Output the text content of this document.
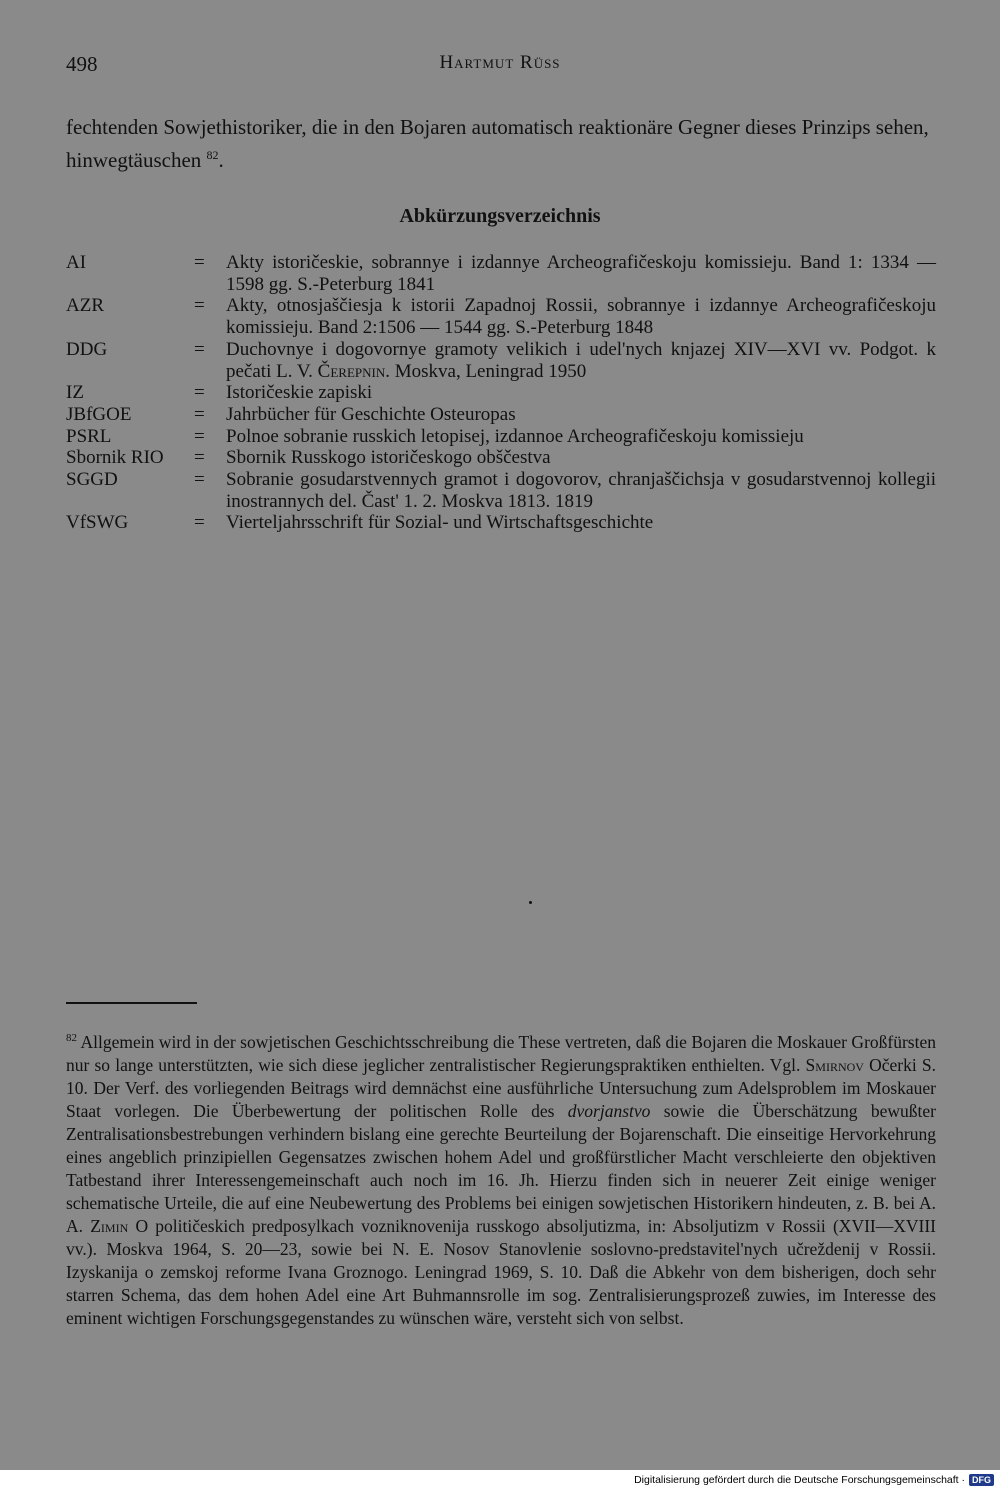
498	Hartmut Rüss
fechtenden Sowjethistoriker, die in den Bojaren automatisch reaktionäre Gegner dieses Prinzips sehen, hinwegtäuschen $^{82}$.
Abkürzungsverzeichnis
AI	=	Akty istoričeskie, sobrannye i izdannye Archeografičeskoju komissieju. Band 1: 1334 — 1598 gg. S.-Peterburg 1841
AZR	=	Akty, otnosjaščiesja k istorii Zapadnoj Rossii, sobrannye i izdannye Archeografičeskoju komissieju. Band 2:1506 — 1544 gg. S.-Peterburg 1848
DDG	=	Duchovnye i dogovornye gramoty velikich i udel'nych knjazej XIV—XVI vv. Podgot. k pečati L. V. Čerepnin. Moskva, Leningrad 1950
IZ	=	Istoričeskie zapiski
JBfGOE	=	Jahrbücher für Geschichte Osteuropas
PSRL	=	Polnoe sobranie russkich letopisej, izdannoe Archeografičeskoju komissieju
Sbornik RIO	=	Sbornik Russkogo istoričeskogo obščestva
SGGD	=	Sobranie gosudarstvennych gramot i dogovorov, chranjaščichsja v gosudarstvennoj kollegii inostrannych del. Čast' 1. 2. Moskva 1813. 1819
VfSWG	=	Vierteljahrsschrift für Sozial- und Wirtschaftsgeschichte
$^{82}$ Allgemein wird in der sowjetischen Geschichtsschreibung die These vertreten, daß die Bojaren die Moskauer Großfürsten nur so lange unterstützten, wie sich diese jeglicher zentralistischer Regierungspraktiken enthielten. Vgl. Smirnov Očerki S. 10. Der Verf. des vorliegenden Beitrags wird demnächst eine ausführliche Untersuchung zum Adelsproblem im Moskauer Staat vorlegen. Die Überbewertung der politischen Rolle des dvorjanstvo sowie die Überschätzung bewußter Zentralisationsbestrebungen verhindern bislang eine gerechte Beurteilung der Bojarenschaft. Die einseitige Hervorkehrung eines angeblich prinzipiellen Gegensatzes zwischen hohem Adel und großfürstlicher Macht verschleierte den objektiven Tatbestand ihrer Interessengemeinschaft auch noch im 16. Jh. Hierzu finden sich in neuerer Zeit einige weniger schematische Urteile, die auf eine Neubewertung des Problems bei einigen sowjetischen Historikern hindeuten, z. B. bei A. A. Zimin O političeskich predposylkach vozniknovenija russkogo absoljutizma, in: Absoljutizm v Rossii (XVII—XVIII vv.). Moskva 1964, S. 20—23, sowie bei N. E. Nosov Stanovlenie soslovno-predstavitel'nych učreždenij v Rossii. Izyskanija o zemskoj reforme Ivana Groznogo. Leningrad 1969, S. 10. Daß die Abkehr von dem bisherigen, doch sehr starren Schema, das dem hohen Adel eine Art Buhmannsrolle im sog. Zentralisierungsprozeß zuwies, im Interesse des eminent wichtigen Forschungsgegenstandes zu wünschen wäre, versteht sich von selbst.
Digitalisierung gefördert durch die Deutsche Forschungsgemeinschaft · DFG
